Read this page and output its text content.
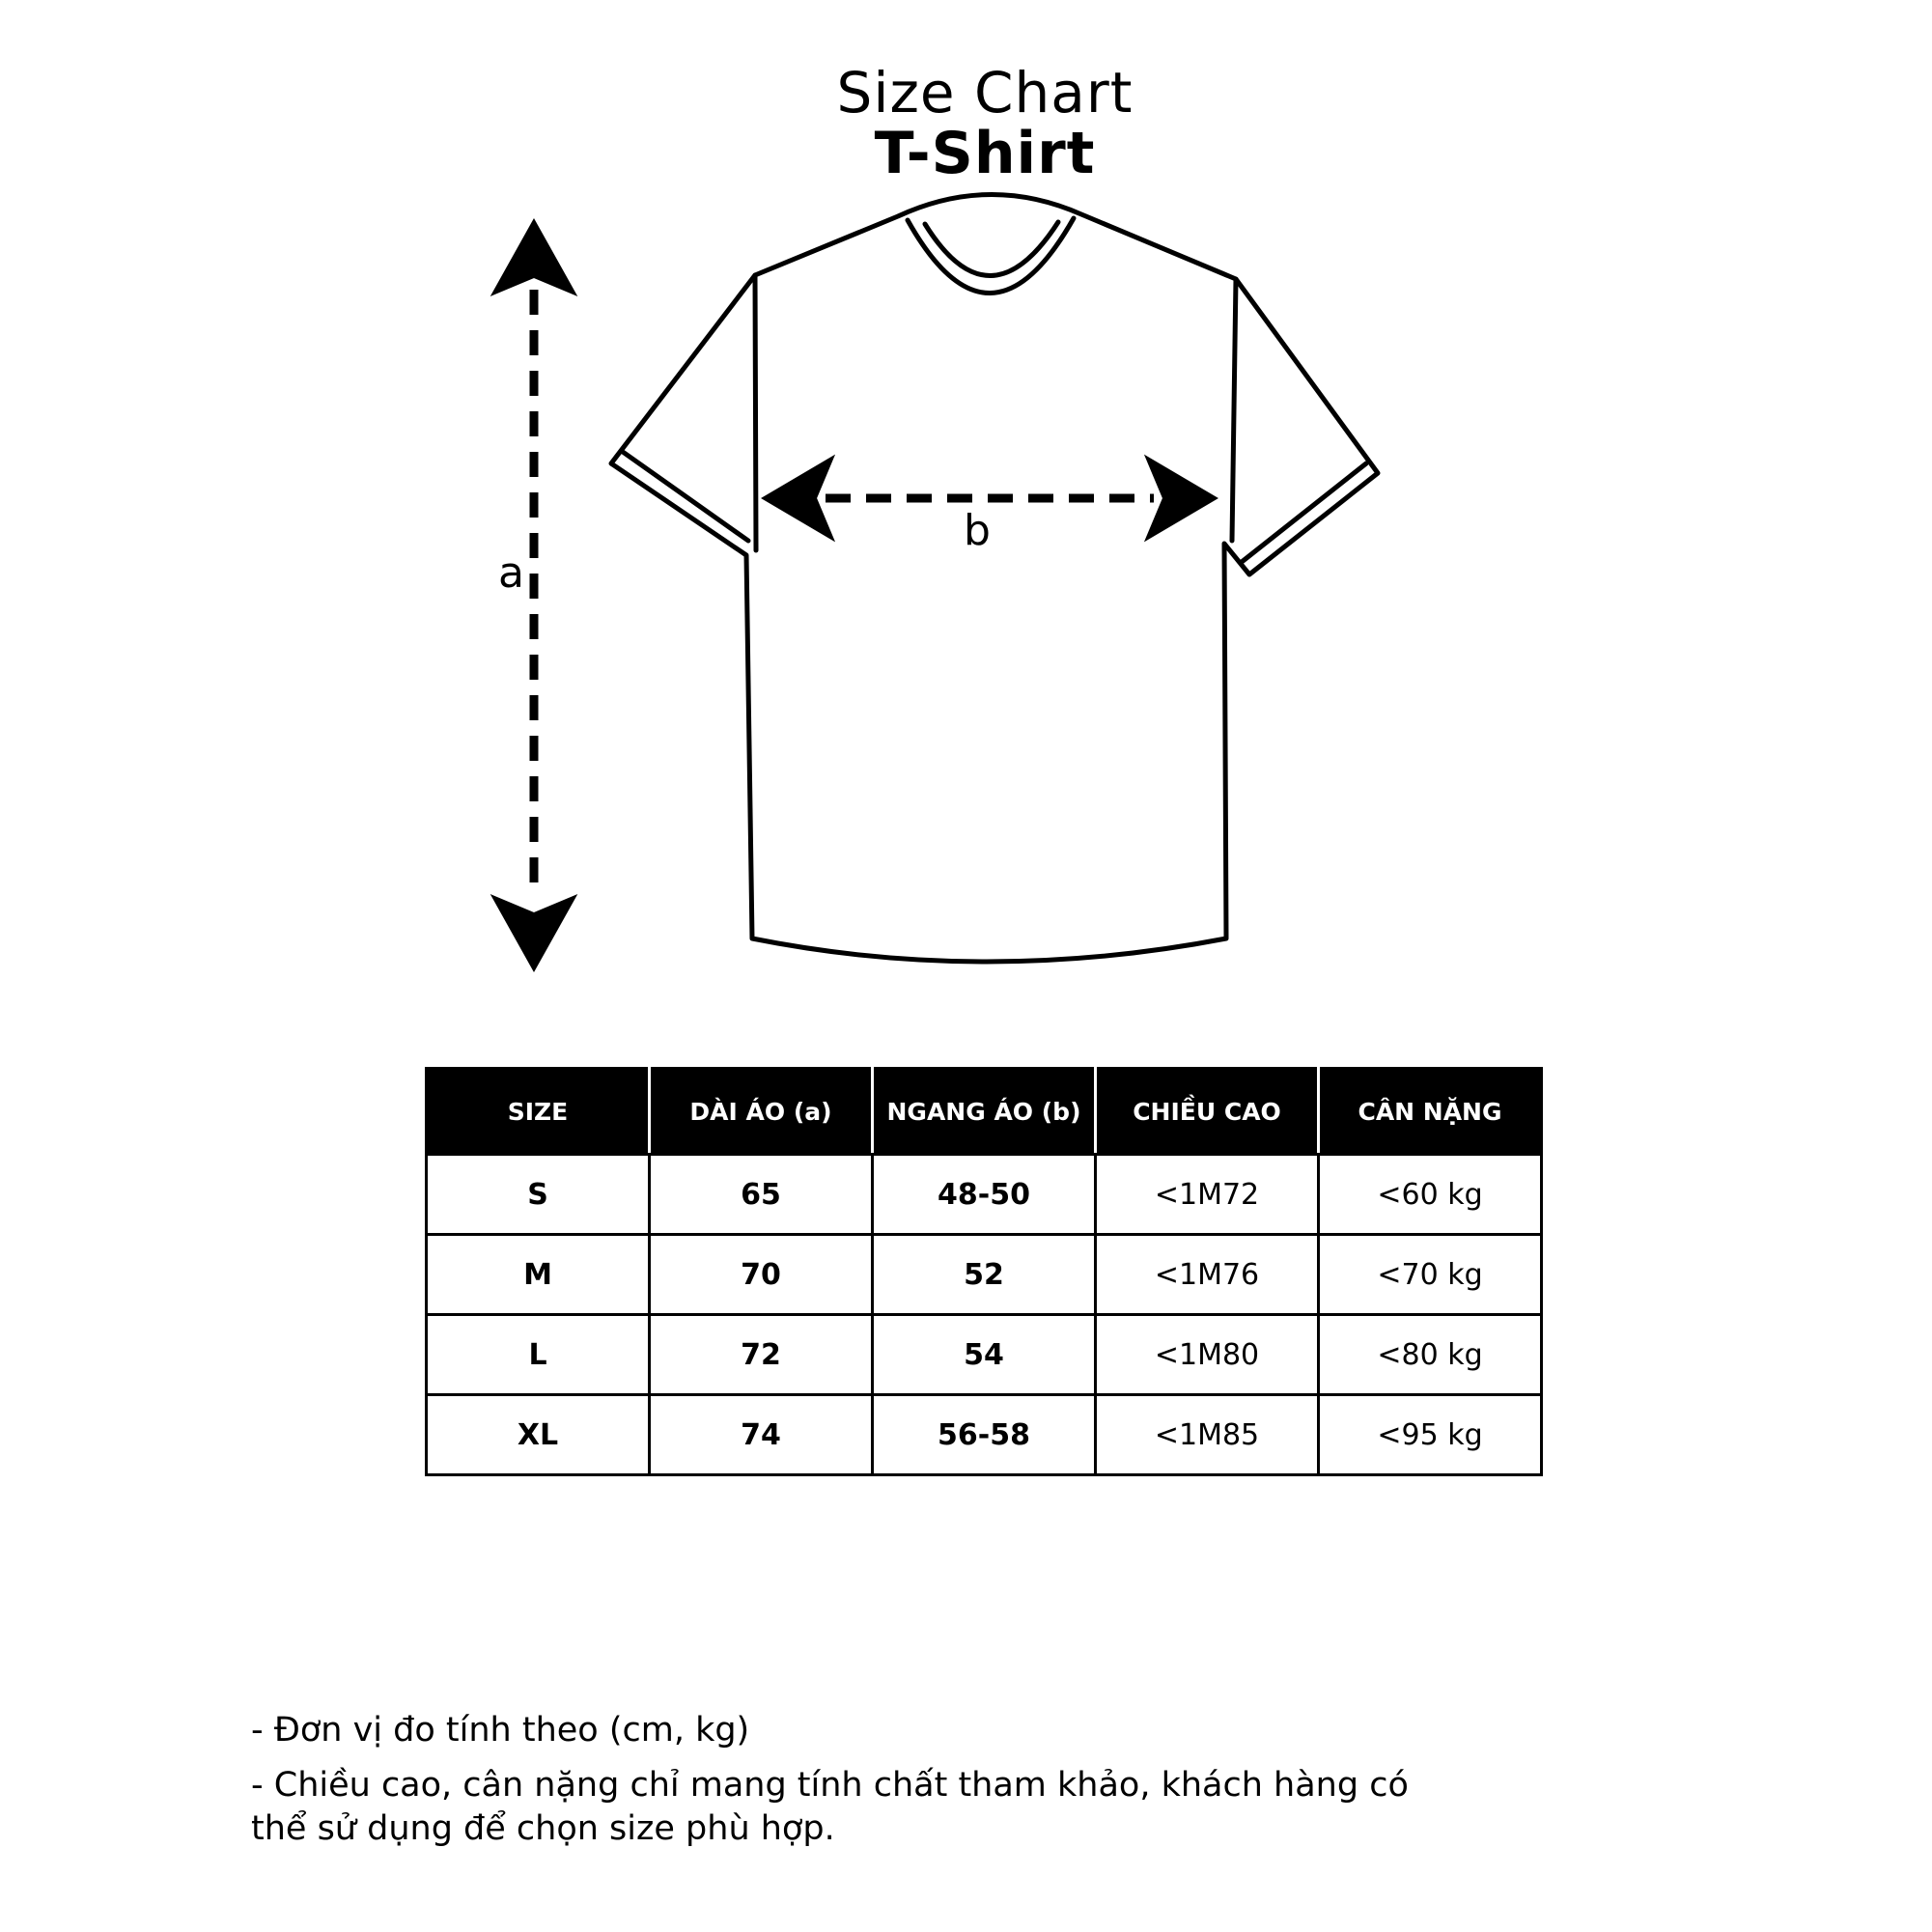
Size Chart
T-Shirt
a
b
SIZE	DÀI ÁO (a)	NGANG ÁO (b)	CHIỀU CAO	CÂN NẶNG
S	65	48-50	<1M72	<60 kg
M	70	52	<1M76	<70 kg
L	72	54	<1M80	<80 kg
XL	74	56-58	<1M85	<95 kg

- Đơn vị đo tính theo (cm, kg)

- Chiều cao, cân nặng chỉ mang tính chất tham khảo, khách hàng có thể sử dụng để chọn size phù hợp.
